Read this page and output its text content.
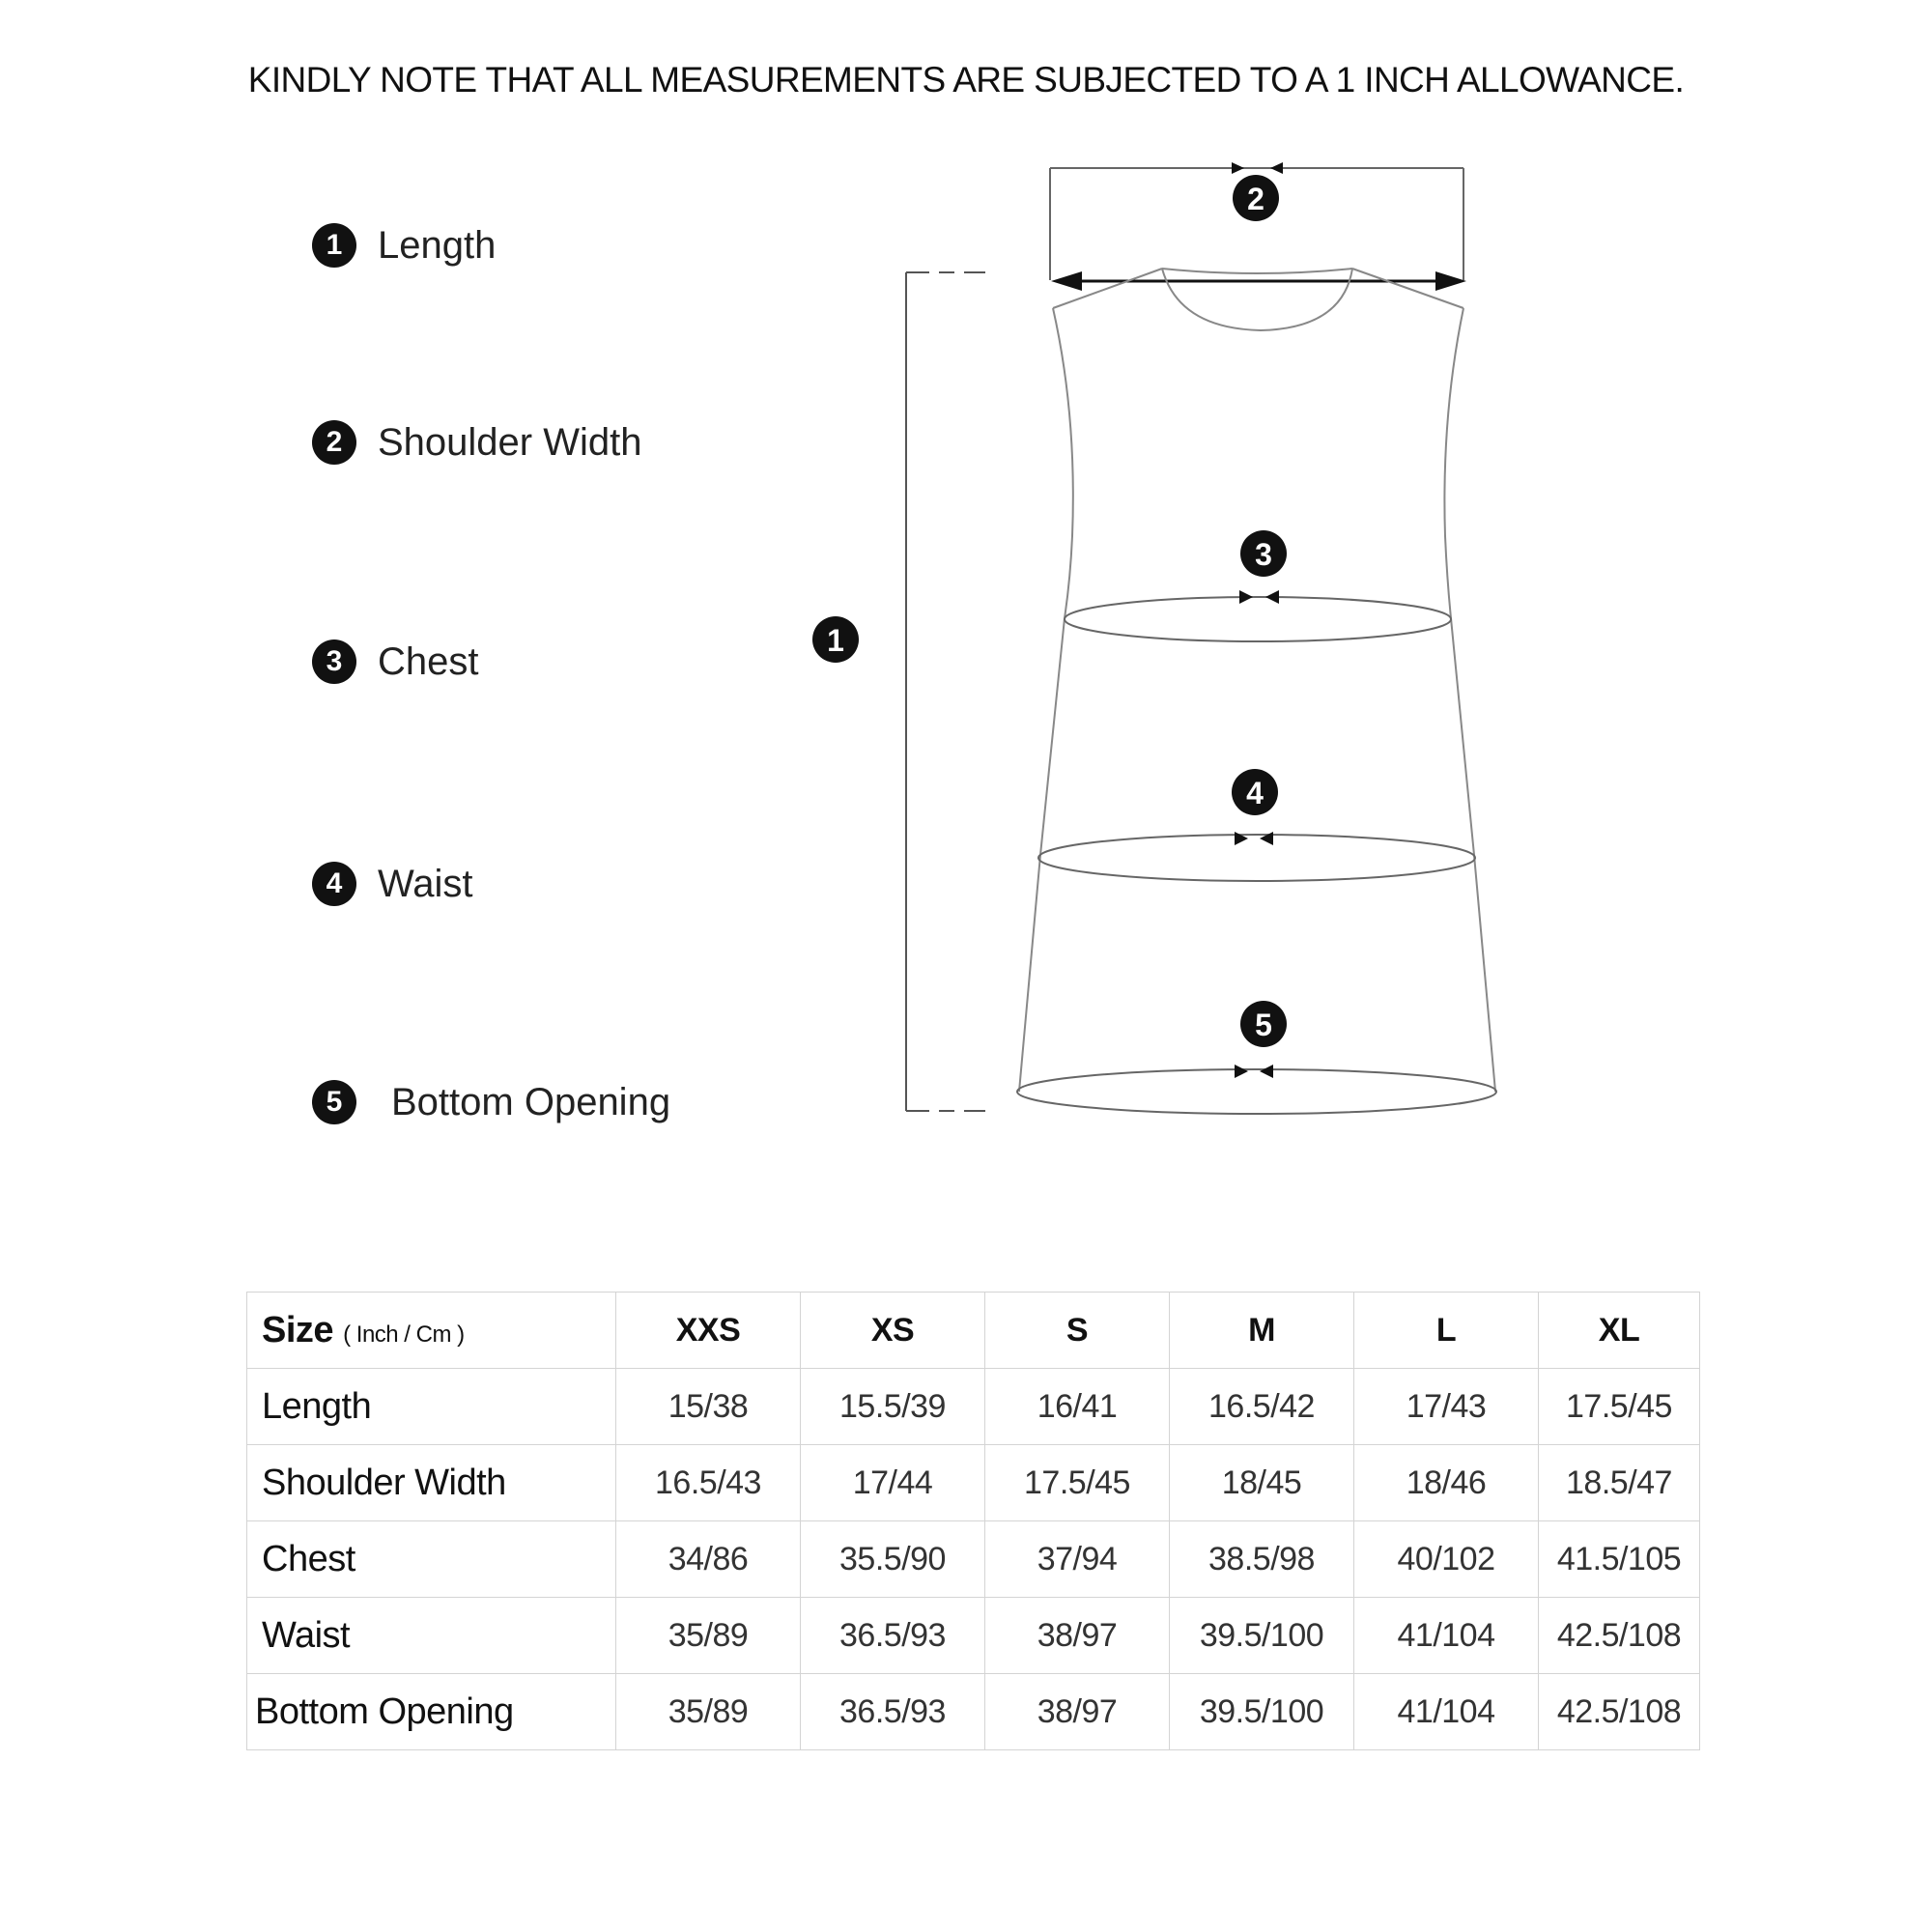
KINDLY NOTE THAT ALL MEASUREMENTS ARE SUBJECTED TO A 1 INCH ALLOWANCE.
1 Length
2 Shoulder Width
3 Chest
4 Waist
5	Bottom Opening
1
2
3
4
5
Size ( Inch / Cm )	XXS	XS	S	M	L	XL
Length	15/38	15.5/39	16/41	16.5/42	17/43	17.5/45
Shoulder Width	16.5/43	17/44	17.5/45	18/45	18/46	18.5/47
Chest	34/86	35.5/90	37/94	38.5/98	40/102	41.5/105
Waist	35/89	36.5/93	38/97	39.5/100	41/104	42.5/108
Bottom Opening	35/89	36.5/93	38/97	39.5/100	41/104	42.5/108
